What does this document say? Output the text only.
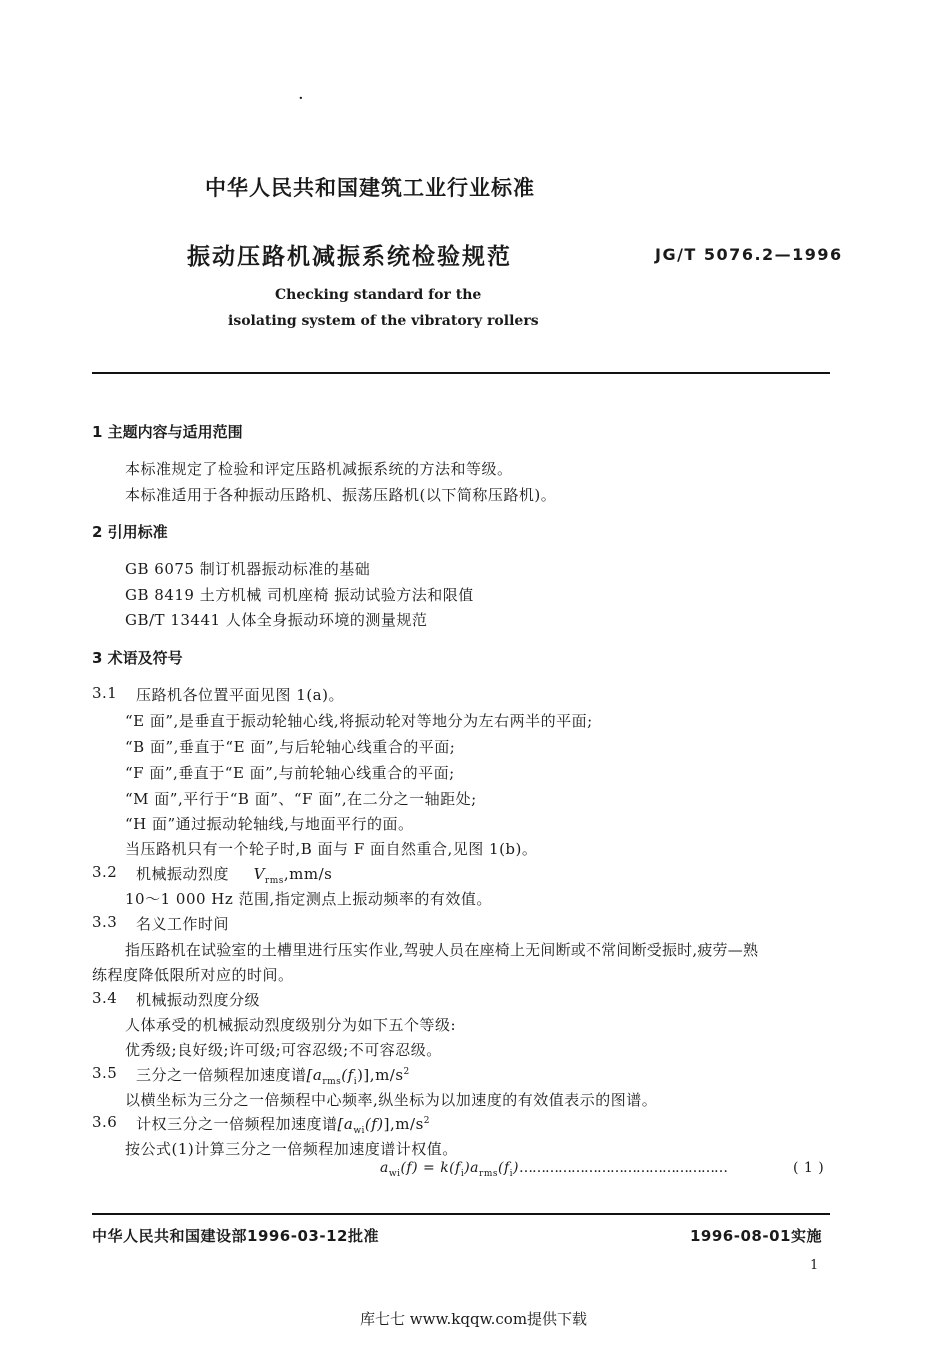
·
中华人民共和国建筑工业行业标准
振动压路机减振系统检验规范	JG/T 5076.2—1996
Checking standard for the
isolating system of the vibratory rollers
1 主题内容与适用范围
本标准规定了检验和评定压路机减振系统的方法和等级。
本标准适用于各种振动压路机、振荡压路机(以下简称压路机)。
2 引用标准
GB 6075 制订机器振动标准的基础
GB 8419 土方机械 司机座椅 振动试验方法和限值
GB/T 13441 人体全身振动环境的测量规范
3 术语及符号
3.1 压路机各位置平面见图 1(a)。
“E 面”,是垂直于振动轮轴心线,将振动轮对等地分为左右两半的平面;
“B 面”,垂直于“E 面”,与后轮轴心线重合的平面;
“F 面”,垂直于“E 面”,与前轮轴心线重合的平面;
“M 面”,平行于“B 面”、“F 面”,在二分之一轴距处;
“H 面”通过振动轮轴线,与地面平行的面。
当压路机只有一个轮子时,B 面与 F 面自然重合,见图 1(b)。
3.2 机械振动烈度 $V_{rms},mm/s$
10～1 000 Hz 范围,指定测点上振动频率的有效值。
3.3 名义工作时间
指压路机在试验室的土槽里进行压实作业,驾驶人员在座椅上无间断或不常间断受振时,疲劳—熟
练程度降低限所对应的时间。
3.4 机械振动烈度分级
人体承受的机械振动烈度级别分为如下五个等级:
优秀级;良好级;许可级;可容忍级;不可容忍级。
3.5 三分之一倍频程加速度谱$[a_{rms}(f_i)],m/s^2$
以横坐标为三分之一倍频程中心频率,纵坐标为以加速度的有效值表示的图谱。
3.6 计权三分之一倍频程加速度谱$[a_{wi}(f)],m/s^2$
按公式(1)计算三分之一倍频程加速度谱计权值。
$a_{wi}(f)$ = $k(f_i)a_{rms}(f_i)\dots\dots\dots\dots\dots\dots\dots\dots\dots\dots\dots\dots\dots\dots\dots\dots$	( 1 )
中华人民共和国建设部1996-03-12批准	1996-08-01实施
1
库七七 www.kqqw.com提供下载
